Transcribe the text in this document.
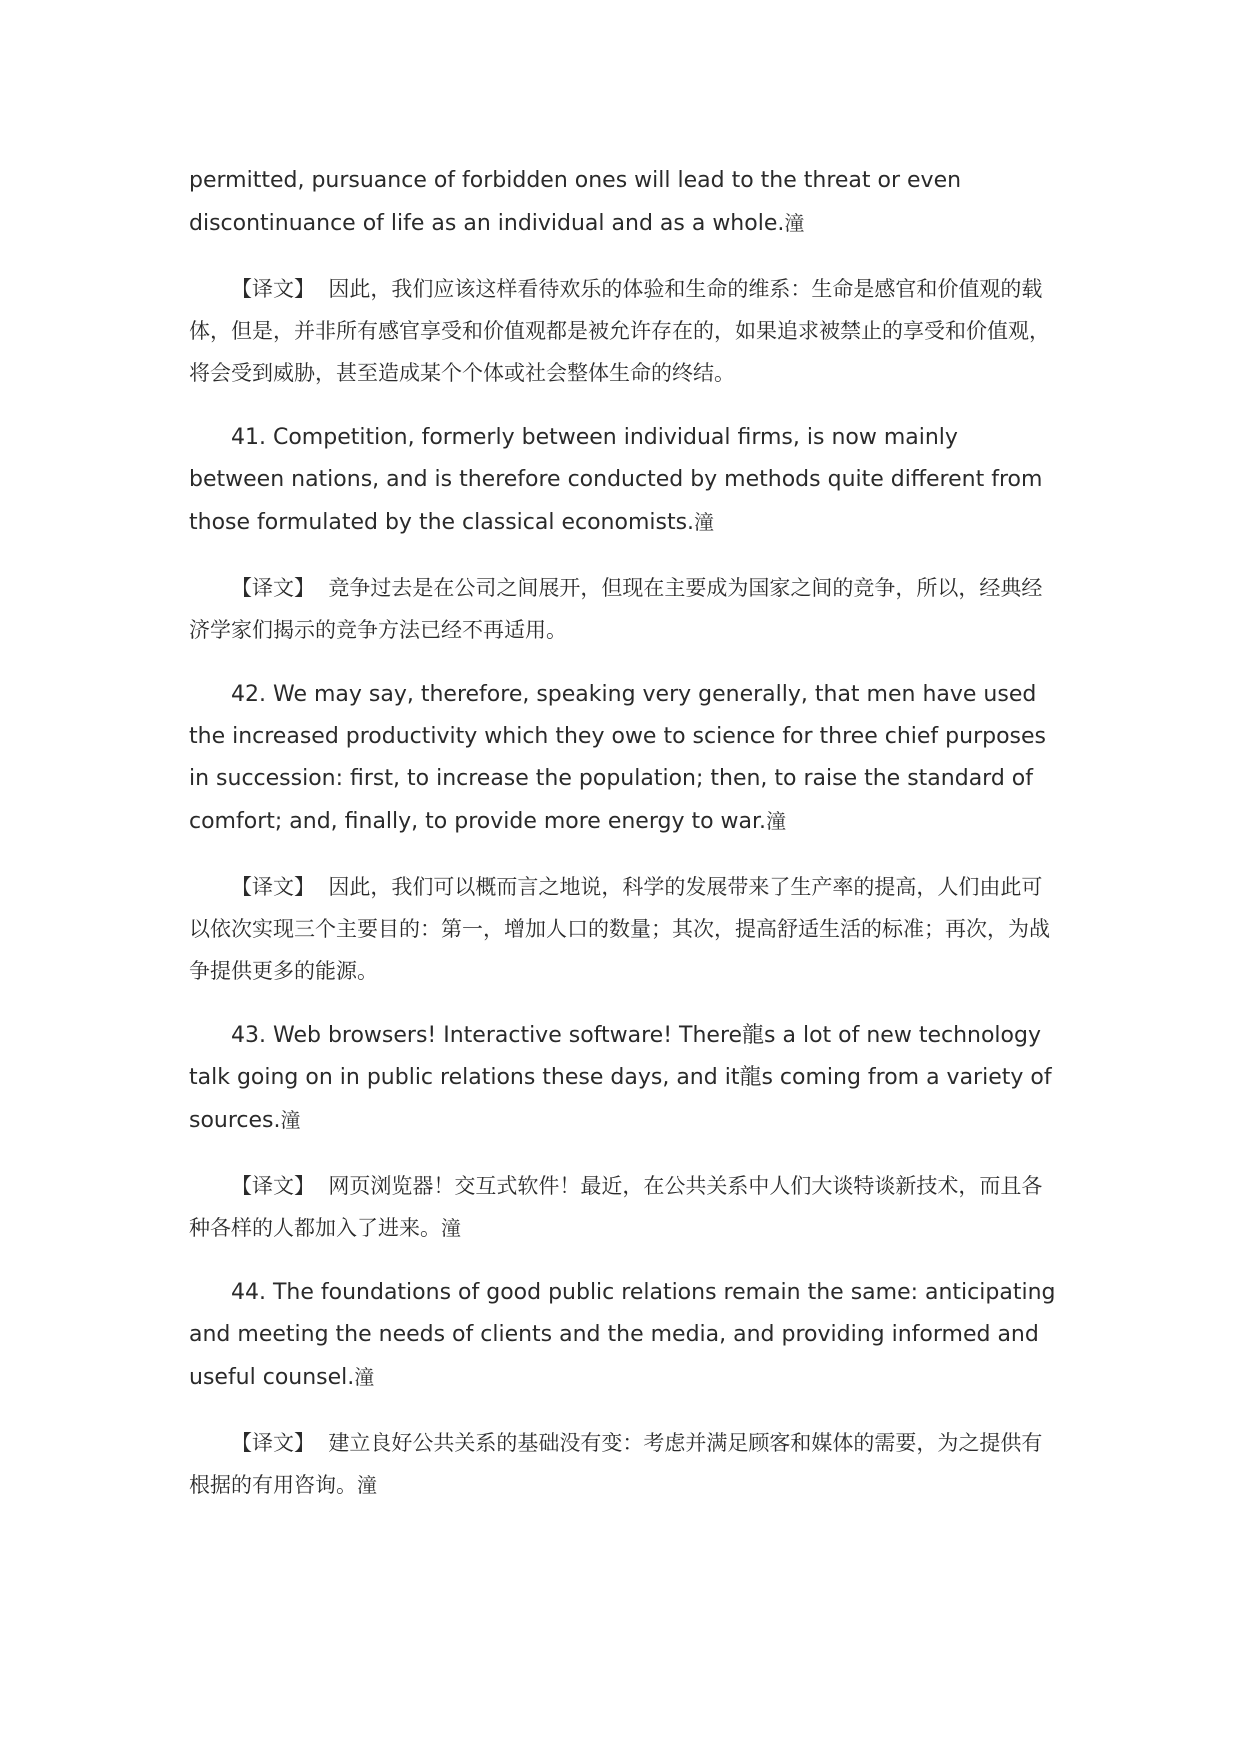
permitted, pursuance of forbidden ones will lead to the threat or even discontinuance of life as an individual and as a whole.潼

【译文】 因此，我们应该这样看待欢乐的体验和生命的维系：生命是感官和价值观的载体，但是，并非所有感官享受和价值观都是被允许存在的，如果追求被禁止的享受和价值观，将会受到威胁，甚至造成某个个体或社会整体生命的终结。

41. Competition, formerly between individual firms, is now mainly between nations, and is therefore conducted by methods quite different from those formulated by the classical economists.潼

【译文】 竞争过去是在公司之间展开，但现在主要成为国家之间的竞争，所以，经典经济学家们揭示的竞争方法已经不再适用。

42. We may say, therefore, speaking very generally, that men have used the increased productivity which they owe to science for three chief purposes in succession: first, to increase the population; then, to raise the standard of comfort; and, finally, to provide more energy to war.潼

【译文】 因此，我们可以概而言之地说，科学的发展带来了生产率的提高，人们由此可以依次实现三个主要目的：第一，增加人口的数量；其次，提高舒适生活的标准；再次，为战争提供更多的能源。

43. Web browsers! Interactive software! There龍s a lot of new technology talk going on in public relations these days, and it龍s coming from a variety of sources.潼

【译文】 网页浏览器！交互式软件！最近，在公共关系中人们大谈特谈新技术，而且各种各样的人都加入了进来。潼

44. The foundations of good public relations remain the same: anticipating and meeting the needs of clients and the media, and providing informed and useful counsel.潼

【译文】 建立良好公共关系的基础没有变：考虑并满足顾客和媒体的需要，为之提供有根据的有用咨询。潼
